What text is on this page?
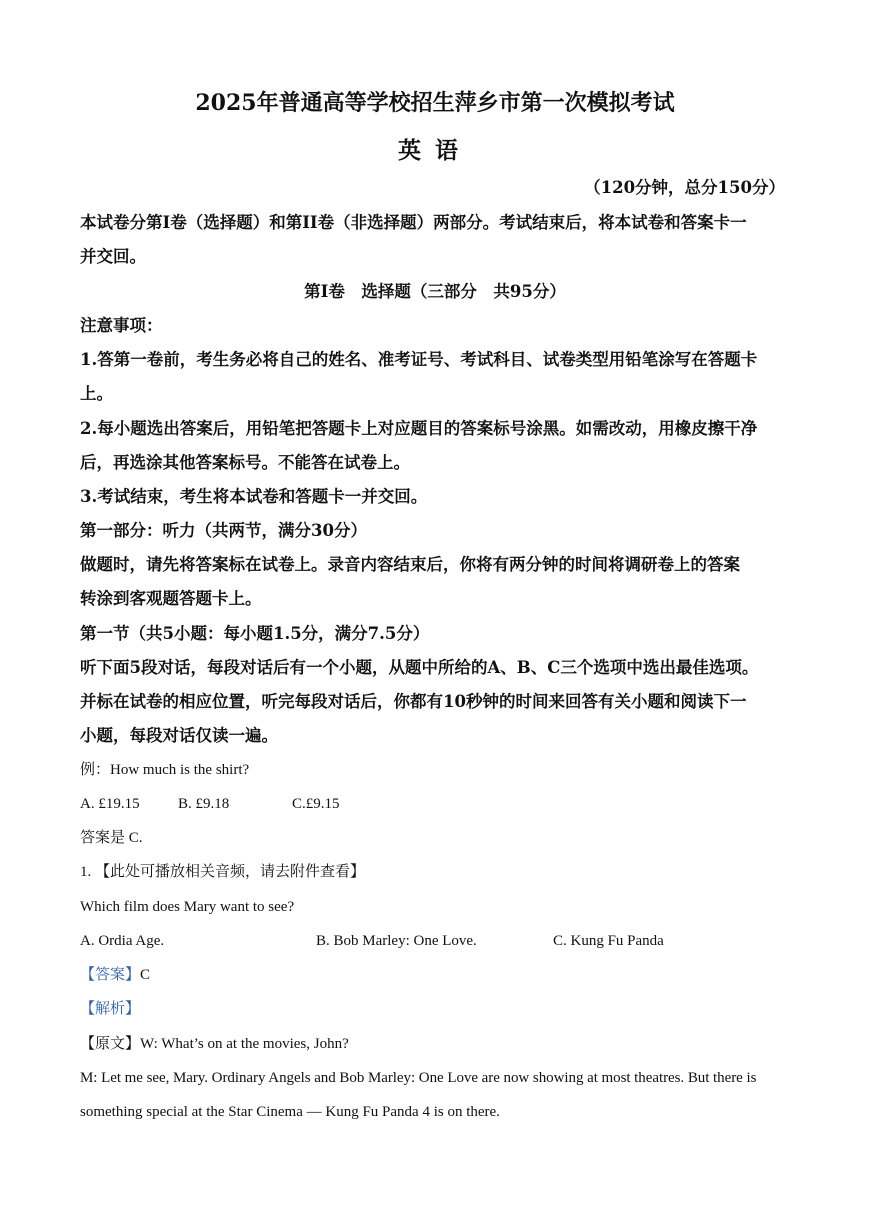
2025年普通高等学校招生萍乡市第一次模拟考试
英语
（120分钟，总分150分）
本试卷分第I卷（选择题）和第II卷（非选择题）两部分。考试结束后，将本试卷和答案卡一
并交回。
第I卷　选择题（三部分　共95分）
注意事项：
1.答第一卷前，考生务必将自己的姓名、准考证号、考试科目、试卷类型用铅笔涂写在答题卡
上。
2.每小题选出答案后，用铅笔把答题卡上对应题目的答案标号涂黑。如需改动，用橡皮擦干净
后，再选涂其他答案标号。不能答在试卷上。
3.考试结束，考生将本试卷和答题卡一并交回。
第一部分：听力（共两节，满分30分）
做题时，请先将答案标在试卷上。录音内容结束后，你将有两分钟的时间将调研卷上的答案
转涂到客观题答题卡上。
第一节（共5小题：每小题1.5分，满分7.5分）
听下面5段对话，每段对话后有一个小题，从题中所给的A、B、C三个选项中选出最佳选项。
并标在试卷的相应位置，听完每段对话后，你都有10秒钟的时间来回答有关小题和阅读下一
小题，每段对话仅读一遍。
例：How much is the shirt?
A. £19.15	B. £9.18	C.£9.15
答案是 C.
1. 【此处可播放相关音频，请去附件查看】
Which film does Mary want to see?
A. Ordia Age.	B. Bob Marley: One Love.	C. Kung Fu Panda
【答案】C
【解析】
【原文】W: What’s on at the movies, John?
M: Let me see, Mary. Ordinary Angels and Bob Marley: One Love are now showing at most theatres. But there is
something special at the Star Cinema — Kung Fu Panda 4 is on there.
